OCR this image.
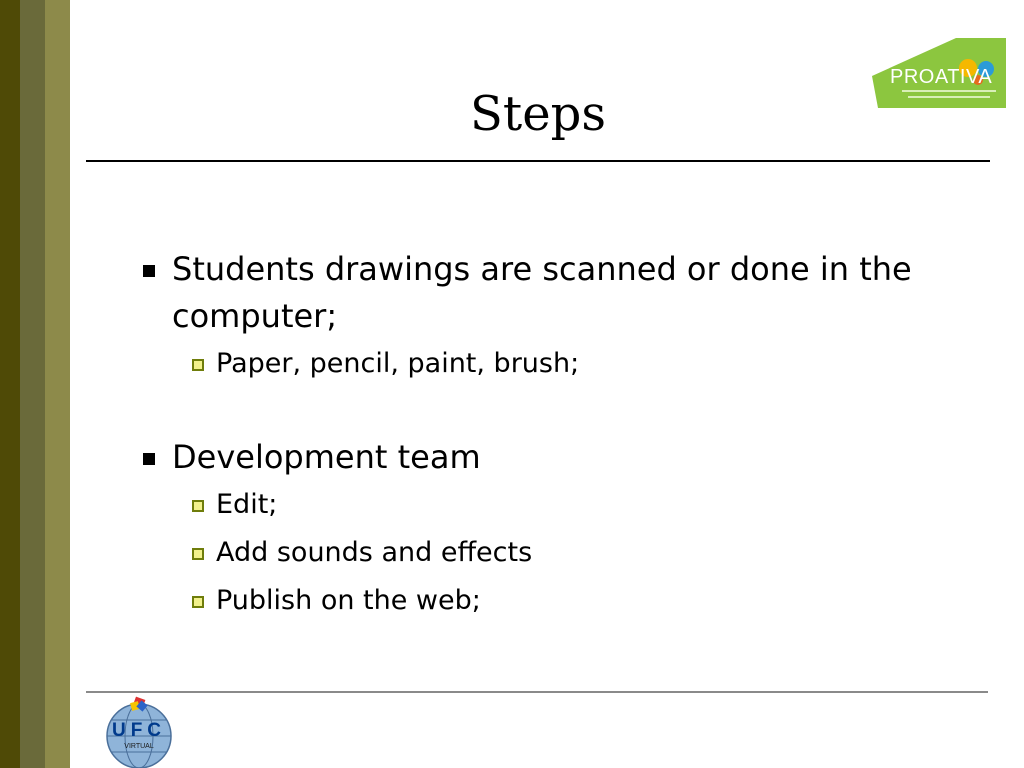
PROATIVA
Steps
Students drawings are scanned or done in the computer;
Paper, pencil, paint, brush;
Development team
Edit;
Add sounds and effects
Publish on the web;
UFC
VIRTUAL
